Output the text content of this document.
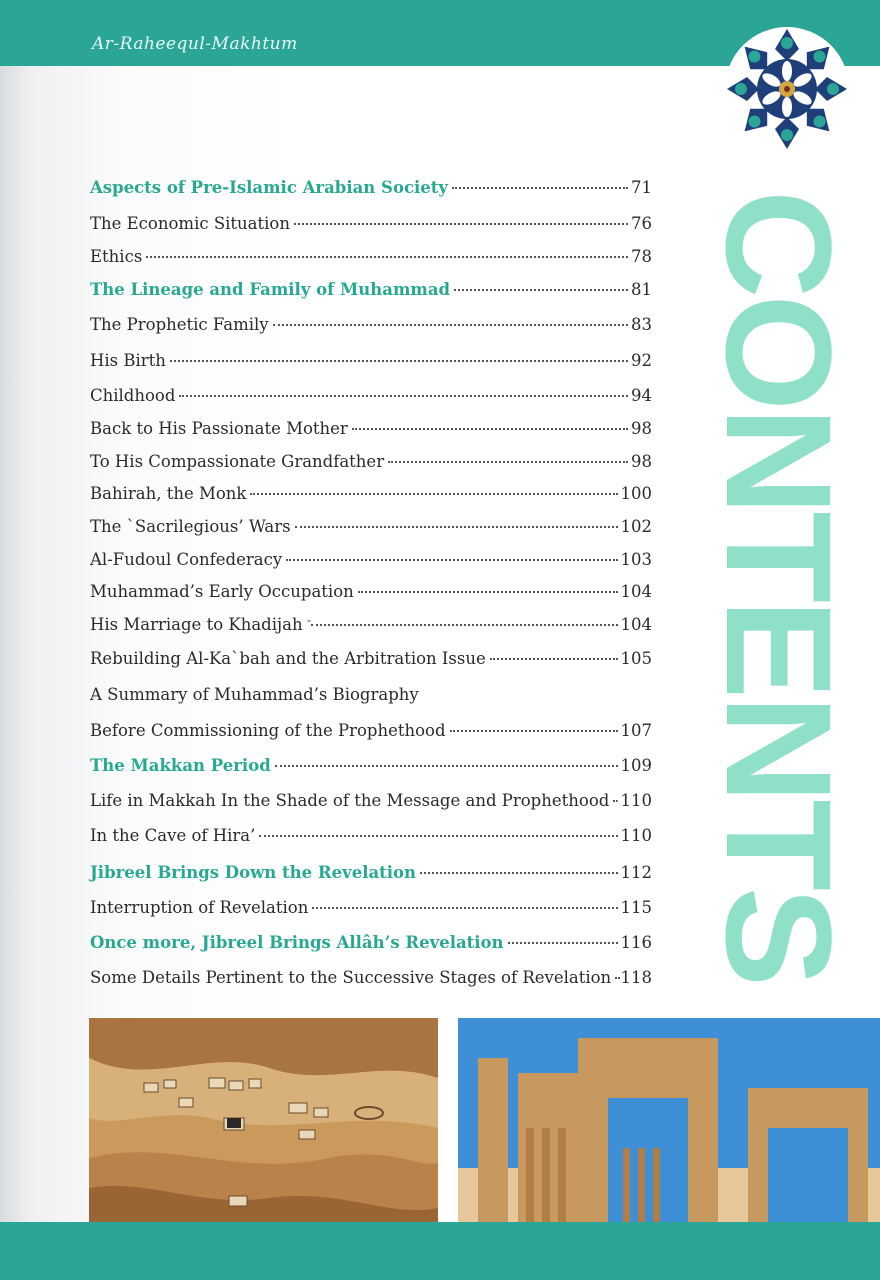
Ar-Raheequl-Makhtum
CONTENTS
Aspects of Pre-Islamic Arabian Society	71
The Economic Situation	76
Ethics	78
The Lineage and Family of Muhammad	81
The Prophetic Family	83
His Birth	92
Childhood	94
Back to His Passionate Mother	98
To His Compassionate Grandfather	98
Bahirah, the Monk	100
The `Sacrilegious’ Wars	102
Al-Fudoul Confederacy	103
Muhammad’s Early Occupation	104
His Marriage to Khadijah	104
Rebuilding Al-Ka`bah and the Arbitration Issue	105
A Summary of Muhammad’s Biography
Before Commissioning of the Prophethood	107
The Makkan Period	109
Life in Makkah In the Shade of the Message and Prophethood 110
In the Cave of Hira’	110
Jibreel Brings Down the Revelation	112
Interruption of Revelation	115
Once more, Jibreel Brings Allâh’s Revelation	116
Some Details Pertinent to the Successive Stages of Revelation 118
